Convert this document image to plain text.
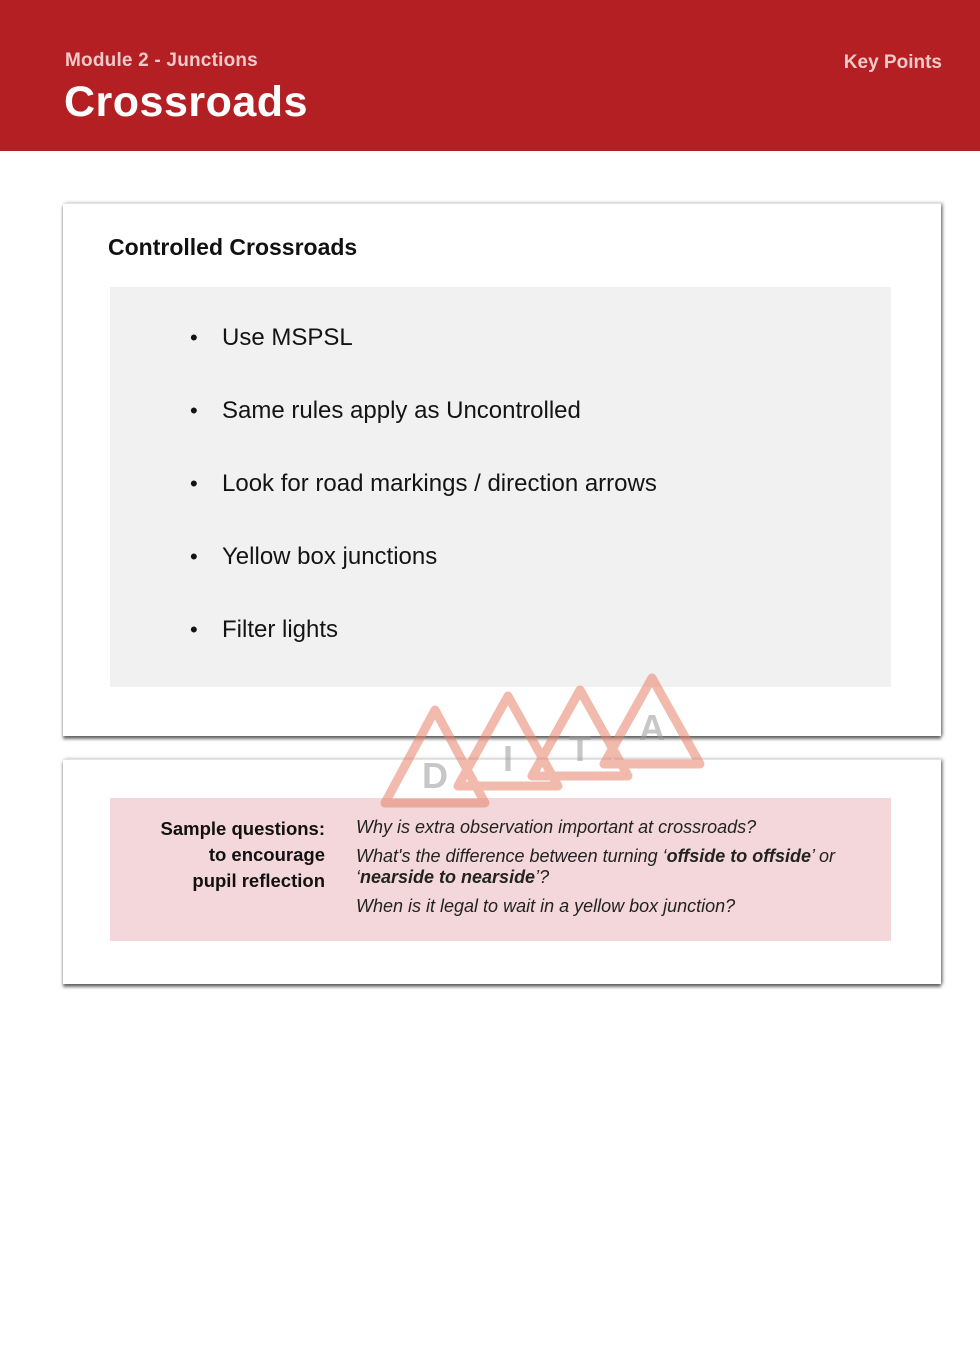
Module 2 - Junctions
Crossroads
Key Points
Controlled Crossroads
• Use MSPSL
• Same rules apply as Uncontrolled
• Look for road markings / direction arrows
• Yellow box junctions
• Filter lights
Sample questions:
to encourage
pupil reflection
Why is extra observation important at crossroads?
What's the difference between turning ‘offside to offside’ or ‘nearside to nearside’?
When is it legal to wait in a yellow box junction?
D I T
A
